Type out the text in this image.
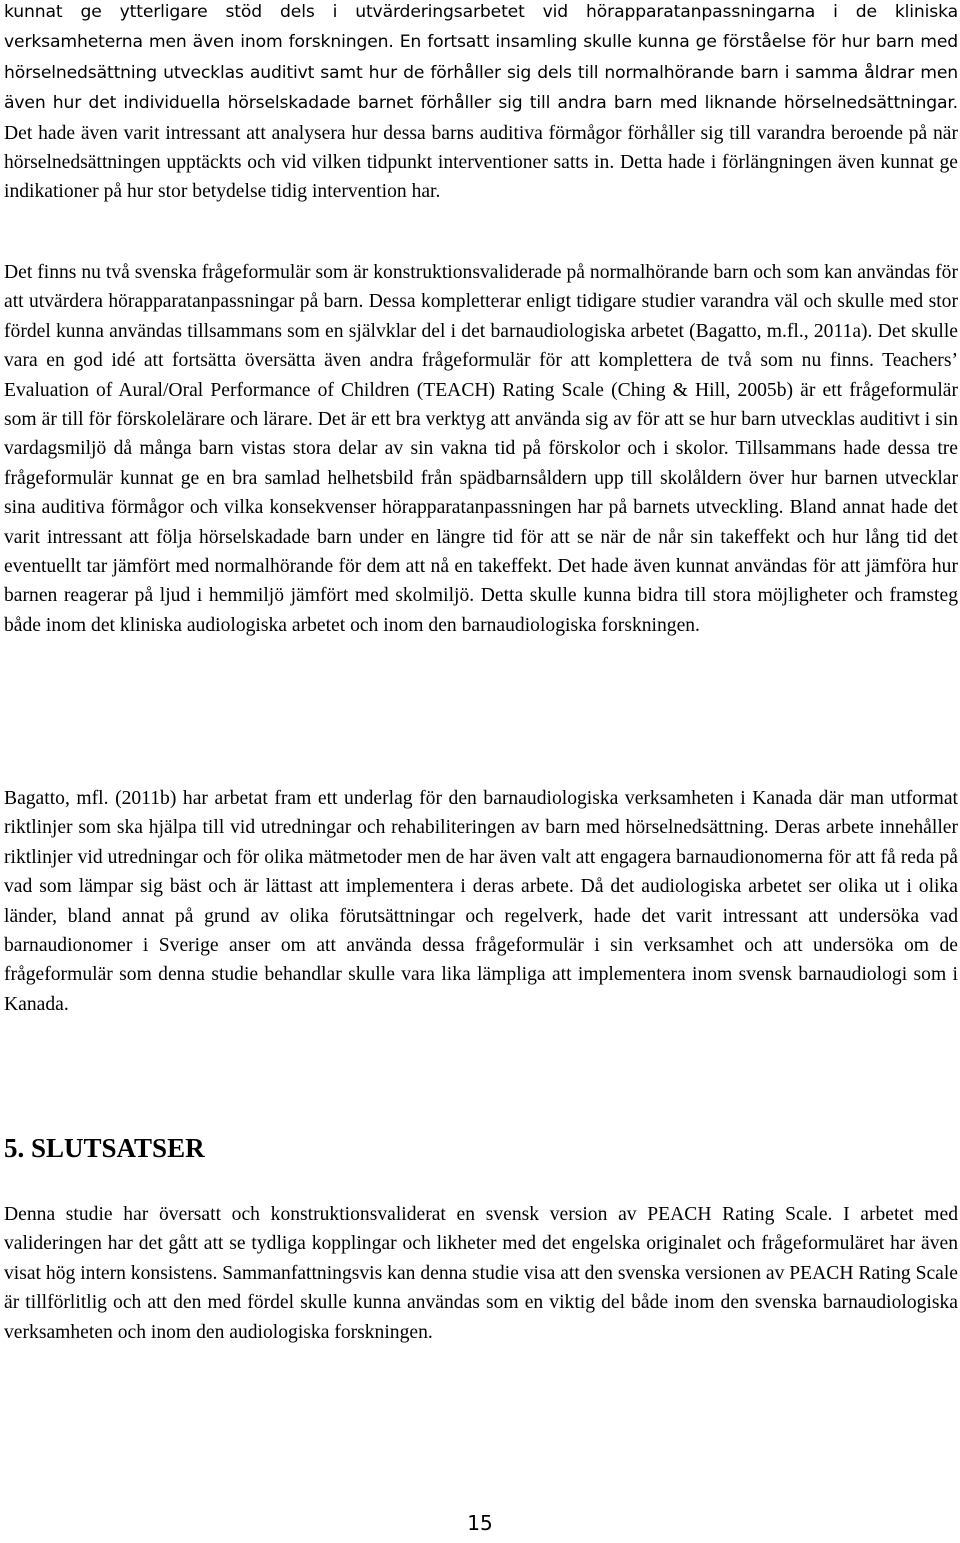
kunnat ge ytterligare stöd dels i utvärderingsarbetet vid hörapparatanpassningarna i de kliniska verksamheterna men även inom forskningen. En fortsatt insamling skulle kunna ge förståelse för hur barn med hörselnedsättning utvecklas auditivt samt hur de förhåller sig dels till normalhörande barn i samma åldrar men även hur det individuella hörselskadade barnet förhåller sig till andra barn med liknande hörselnedsättningar. Det hade även varit intressant att analysera hur dessa barns auditiva förmågor förhåller sig till varandra beroende på när hörselnedsättningen upptäckts och vid vilken tidpunkt interventioner satts in. Detta hade i förlängningen även kunnat ge indikationer på hur stor betydelse tidig intervention har.

Det finns nu två svenska frågeformulär som är konstruktionsvaliderade på normalhörande barn och som kan användas för att utvärdera hörapparatanpassningar på barn. Dessa kompletterar enligt tidigare studier varandra väl och skulle med stor fördel kunna användas tillsammans som en självklar del i det barnaudiologiska arbetet (Bagatto, m.fl., 2011a). Det skulle vara en god idé att fortsätta översätta även andra frågeformulär för att komplettera de två som nu finns. Teachers’ Evaluation of Aural/Oral Performance of Children (TEACH) Rating Scale (Ching & Hill, 2005b) är ett frågeformulär som är till för förskolelärare och lärare. Det är ett bra verktyg att använda sig av för att se hur barn utvecklas auditivt i sin vardagsmiljö då många barn vistas stora delar av sin vakna tid på förskolor och i skolor. Tillsammans hade dessa tre frågeformulär kunnat ge en bra samlad helhetsbild från spädbarnsåldern upp till skolåldern över hur barnen utvecklar sina auditiva förmågor och vilka konsekvenser hörapparatanpassningen har på barnets utveckling. Bland annat hade det varit intressant att följa hörselskadade barn under en längre tid för att se när de når sin takeffekt och hur lång tid det eventuellt tar jämfört med normalhörande för dem att nå en takeffekt. Det hade även kunnat användas för att jämföra hur barnen reagerar på ljud i hemmiljö jämfört med skolmiljö. Detta skulle kunna bidra till stora möjligheter och framsteg både inom det kliniska audiologiska arbetet och inom den barnaudiologiska forskningen.

Bagatto, mfl. (2011b) har arbetat fram ett underlag för den barnaudiologiska verksamheten i Kanada där man utformat riktlinjer som ska hjälpa till vid utredningar och rehabiliteringen av barn med hörselnedsättning. Deras arbete innehåller riktlinjer vid utredningar och för olika mätmetoder men de har även valt att engagera barnaudionomerna för att få reda på vad som lämpar sig bäst och är lättast att implementera i deras arbete. Då det audiologiska arbetet ser olika ut i olika länder, bland annat på grund av olika förutsättningar och regelverk, hade det varit intressant att undersöka vad barnaudionomer i Sverige anser om att använda dessa frågeformulär i sin verksamhet och att undersöka om de frågeformulär som denna studie behandlar skulle vara lika lämpliga att implementera inom svensk barnaudiologi som i Kanada.

5. SLUTSATSER

Denna studie har översatt och konstruktionsvaliderat en svensk version av PEACH Rating Scale. I arbetet med valideringen har det gått att se tydliga kopplingar och likheter med det engelska originalet och frågeformuläret har även visat hög intern konsistens. Sammanfattningsvis kan denna studie visa att den svenska versionen av PEACH Rating Scale är tillförlitlig och att den med fördel skulle kunna användas som en viktig del både inom den svenska barnaudiologiska verksamheten och inom den audiologiska forskningen.

15
